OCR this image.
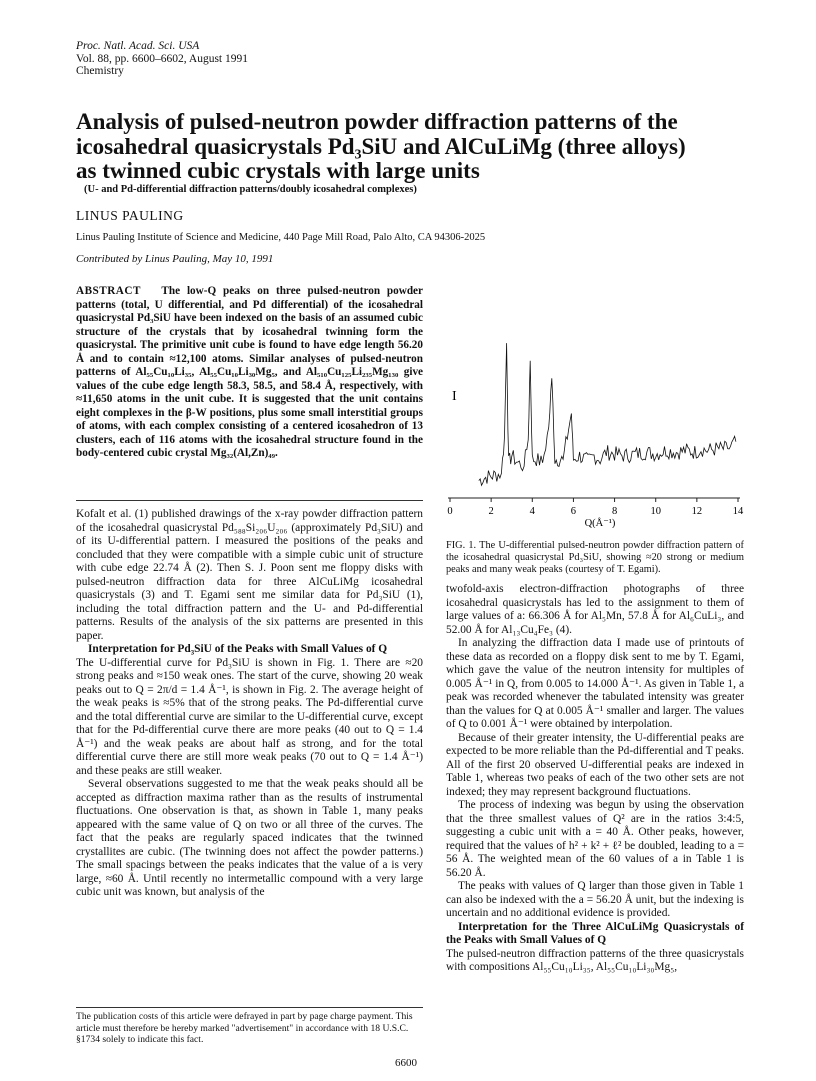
Proc. Natl. Acad. Sci. USA
Vol. 88, pp. 6600–6602, August 1991
Chemistry
Analysis of pulsed-neutron powder diffraction patterns of the
icosahedral quasicrystals Pd₃SiU and AlCuLiMg (three alloys)
as twinned cubic crystals with large units
(U- and Pd-differential diffraction patterns/doubly icosahedral complexes)
LINUS PAULING
Linus Pauling Institute of Science and Medicine, 440 Page Mill Road, Palo Alto, CA 94306-2025
Contributed by Linus Pauling, May 10, 1991
ABSTRACT The low-Q peaks on three pulsed-neutron powder patterns (total, U differential, and Pd differential) of the icosahedral quasicrystal Pd₃SiU have been indexed on the basis of an assumed cubic structure of the crystals that by icosahedral twinning form the quasicrystal. The primitive unit cube is found to have edge length 56.20 Å and to contain ≈12,100 atoms. Similar analyses of pulsed-neutron patterns of Al₅₅Cu₁₀Li₃₅, Al₅₅Cu₁₀Li₃₀Mg₅, and Al₅₁₀Cu₁₂₅Li₂₃₅Mg₁₃₀ give values of the cube edge length 58.3, 58.5, and 58.4 Å, respectively, with ≈11,650 atoms in the unit cube. It is suggested that the unit contains eight complexes in the β-W positions, plus some small interstitial groups of atoms, with each complex consisting of a centered icosahedron of 13 clusters, each of 116 atoms with the icosahedral structure found in the body-centered cubic crystal Mg₃₂(Al,Zn)₄₉.

Kofalt et al. (1) published drawings of the x-ray powder diffraction pattern of the icosahedral quasicrystal Pd₅₈₈Si₂₀₆U₂₀₆ (approximately Pd₃SiU) and of its U-differential pattern. I measured the positions of the peaks and concluded that they were compatible with a simple cubic unit of structure with cube edge 22.74 Å (2). Then S. J. Poon sent me floppy disks with pulsed-neutron diffraction data for three AlCuLiMg icosahedral quasicrystals (3) and T. Egami sent me similar data for Pd₃SiU (1), including the total diffraction pattern and the U- and Pd-differential patterns. Results of the analysis of the six patterns are presented in this paper.

Interpretation for Pd₃SiU of the Peaks with Small Values of Q

The U-differential curve for Pd₃SiU is shown in Fig. 1. There are ≈20 strong peaks and ≈150 weak ones. The start of the curve, showing 20 weak peaks out to Q = 2π/d = 1.4 Å⁻¹, is shown in Fig. 2. The average height of the weak peaks is ≈5% that of the strong peaks. The Pd-differential curve and the total differential curve are similar to the U-differential curve, except that for the Pd-differential curve there are more peaks (40 out to Q = 1.4 Å⁻¹) and the weak peaks are about half as strong, and for the total differential curve there are still more weak peaks (70 out to Q = 1.4 Å⁻¹) and these peaks are still weaker.

Several observations suggested to me that the weak peaks should all be accepted as diffraction maxima rather than as the results of instrumental fluctuations. One observation is that, as shown in Table 1, many peaks appeared with the same value of Q on two or all three of the curves. The fact that the peaks are regularly spaced indicates that the twinned crystallites are cubic. (The twinning does not affect the powder patterns.) The small spacings between the peaks indicates that the value of a is very large, ≈60 Å. Until recently no intermetallic compound with a very large cubic unit was known, but analysis of the

I
0	2	4	6	8	10	12	14
Q(Å⁻¹)
FIG. 1. The U-differential pulsed-neutron powder diffraction pattern of the icosahedral quasicrystal Pd₃SiU, showing ≈20 strong or medium peaks and many weak peaks (courtesy of T. Egami).

twofold-axis electron-diffraction photographs of three icosahedral quasicrystals has led to the assignment to them of large values of a: 66.306 Å for Al₅Mn, 57.8 Å for Al₆CuLi₃, and 52.00 Å for Al₁₃Cu₄Fe₃ (4).

In analyzing the diffraction data I made use of printouts of these data as recorded on a floppy disk sent to me by T. Egami, which gave the value of the neutron intensity for multiples of 0.005 Å⁻¹ in Q, from 0.005 to 14.000 Å⁻¹. As given in Table 1, a peak was recorded whenever the tabulated intensity was greater than the values for Q at 0.005 Å⁻¹ smaller and larger. The values of Q to 0.001 Å⁻¹ were obtained by interpolation.

Because of their greater intensity, the U-differential peaks are expected to be more reliable than the Pd-differential and T peaks. All of the first 20 observed U-differential peaks are indexed in Table 1, whereas two peaks of each of the two other sets are not indexed; they may represent background fluctuations.

The process of indexing was begun by using the observation that the three smallest values of Q² are in the ratios 3:4:5, suggesting a cubic unit with a = 40 Å. Other peaks, however, required that the values of h² + k² + ℓ² be doubled, leading to a = 56 Å. The weighted mean of the 60 values of a in Table 1 is 56.20 Å.

The peaks with values of Q larger than those given in Table 1 can also be indexed with the a = 56.20 Å unit, but the indexing is uncertain and no additional evidence is provided.

Interpretation for the Three AlCuLiMg Quasicrystals of the Peaks with Small Values of Q

The pulsed-neutron diffraction patterns of the three quasicrystals with compositions Al₅₅Cu₁₀Li₃₅, Al₅₅Cu₁₀Li₃₀Mg₅,

The publication costs of this article were defrayed in part by page charge payment. This article must therefore be hereby marked "advertisement" in accordance with 18 U.S.C. §1734 solely to indicate this fact.
6600
